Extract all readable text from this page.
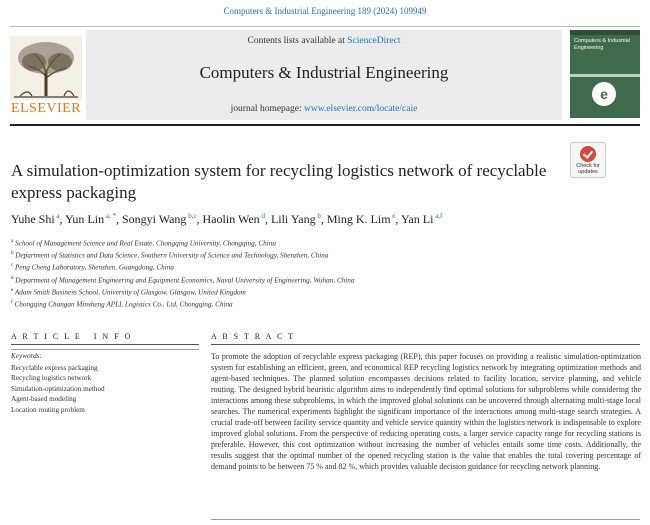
Computers & Industrial Engineering 189 (2024) 109949
ELSEVIER
Contents lists available at ScienceDirect
Computers & Industrial Engineering
journal homepage: www.elsevier.com/locate/caie
Computers & Industrial Engineering
e
Check for updates
A simulation-optimization system for recycling logistics network of recyclable express packaging
Yuhe Shi $^a$, Yun Lin $^{a, *}$, Songyi Wang $^{b,c}$, Haolin Wen $^d$, Lili Yang $^b$, Ming K. Lim $^e$, Yan Li $^{a,f}$
$^a$ School of Management Science and Real Estate, Chongqing University, Chongqing, China
$^b$ Department of Statistics and Data Science, Southern University of Science and Technology, Shenzhen, China
$^c$ Peng Cheng Laboratory, Shenzhen, Guangdong, China
$^d$ Department of Management Engineering and Equipment Economics, Naval University of Engineering, Wuhan, China
$^e$ Adam Smith Business School, University of Glasgow, Glasgow, United Kingdom
$^f$ Chongqing Changan Minsheng APLL Logistics Co., Ltd, Chongqing, China
A R T I C L E   I N F O
Keywords:
Recyclable express packaging
Recycling logistics network
Simulation-optimization method
Agent-based modeling
Location routing problem
A B S T R A C T
To promote the adoption of recyclable express packaging (REP), this paper focuses on providing a realistic simulation-optimization system for establishing an efficient, green, and economical REP recycling logistics network by integrating optimization methods and agent-based techniques. The planned solution encompasses decisions related to facility location, service planning, and vehicle routing. The designed hybrid heuristic algorithm aims to independently find optimal solutions for subproblems while considering the interactions among these subproblems, in which the improved global solutions can be uncovered through alternating multi-stage local searches. The numerical experiments highlight the significant importance of the interactions among multi-stage search strategies. A crucial trade-off between facility service quantity and vehicle service quantity within the logistics network is indispensable to explore improved global solutions. From the perspective of reducing operating costs, a larger service capacity range for recycling stations is preferable. However, this cost optimization without increasing the number of vehicles entails some time costs. Additionally, the results suggest that the optimal number of the opened recycling station is the value that enables the total covering percentage of demand points to be between 75 % and 82 %, which provides valuable decision guidance for recycling network planning.
